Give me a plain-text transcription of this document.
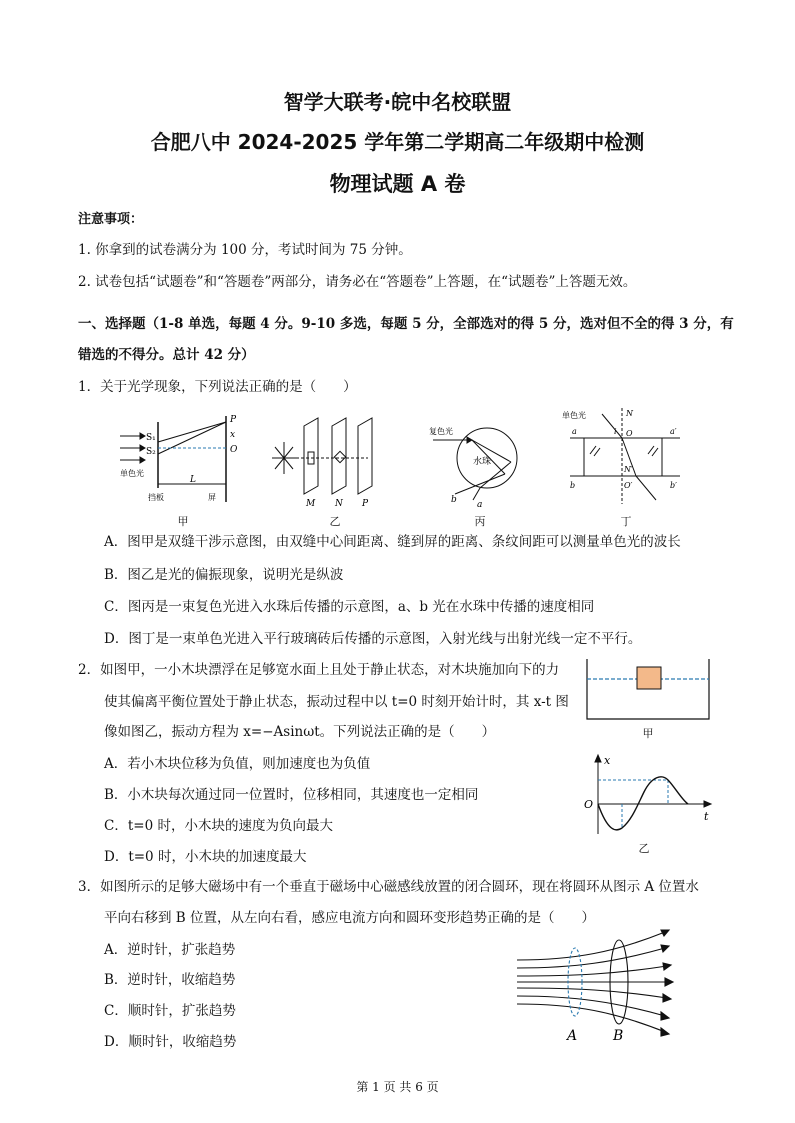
智学大联考·皖中名校联盟
合肥八中 2024-2025 学年第二学期高二年级期中检测
物理试题 A 卷
注意事项：
1. 你拿到的试卷满分为 100 分，考试时间为 75 分钟。
2. 试卷包括“试题卷”和“答题卷”两部分，请务必在“答题卷”上答题，在“试题卷”上答题无效。
一、选择题（1-8 单选，每题 4 分。9-10 多选，每题 5 分，全部选对的得 5 分，选对但不全的得 3 分，有
错选的不得分。总计 42 分）
1．关于光学现象，下列说法正确的是（　　）
S₁
S₂
P
x
O
L
单色光
挡板	屏
甲
M N P
乙
复色光
水珠
a
b
丙
单色光	N
i O
a	a′
b	b′
N′
O′
丁
A．图甲是双缝干涉示意图，由双缝中心间距离、缝到屏的距离、条纹间距可以测量单色光的波长
B．图乙是光的偏振现象，说明光是纵波
C．图丙是一束复色光进入水珠后传播的示意图，a、b 光在水珠中传播的速度相同
D．图丁是一束单色光进入平行玻璃砖后传播的示意图，入射光线与出射光线一定不平行。
2．如图甲，一小木块漂浮在足够宽水面上且处于静止状态，对木块施加向下的力
使其偏离平衡位置处于静止状态，振动过程中以 t=0 时刻开始计时，其 x-t 图
像如图乙，振动方程为 x=−Asinωt。下列说法正确的是（　　）
A．若小木块位移为负值，则加速度也为负值
B．小木块每次通过同一位置时，位移相同，其速度也一定相同
C．t=0 时，小木块的速度为负向最大
D．t=0 时，小木块的加速度最大
甲
x
t
O
乙
3．如图所示的足够大磁场中有一个垂直于磁场中心磁感线放置的闭合圆环，现在将圆环从图示 A 位置水
平向右移到 B 位置，从左向右看，感应电流方向和圆环变形趋势正确的是（　　）
A．逆时针，扩张趋势
B．逆时针，收缩趋势
C．顺时针，扩张趋势
D．顺时针，收缩趋势	A	B
第 1 页 共 6 页
